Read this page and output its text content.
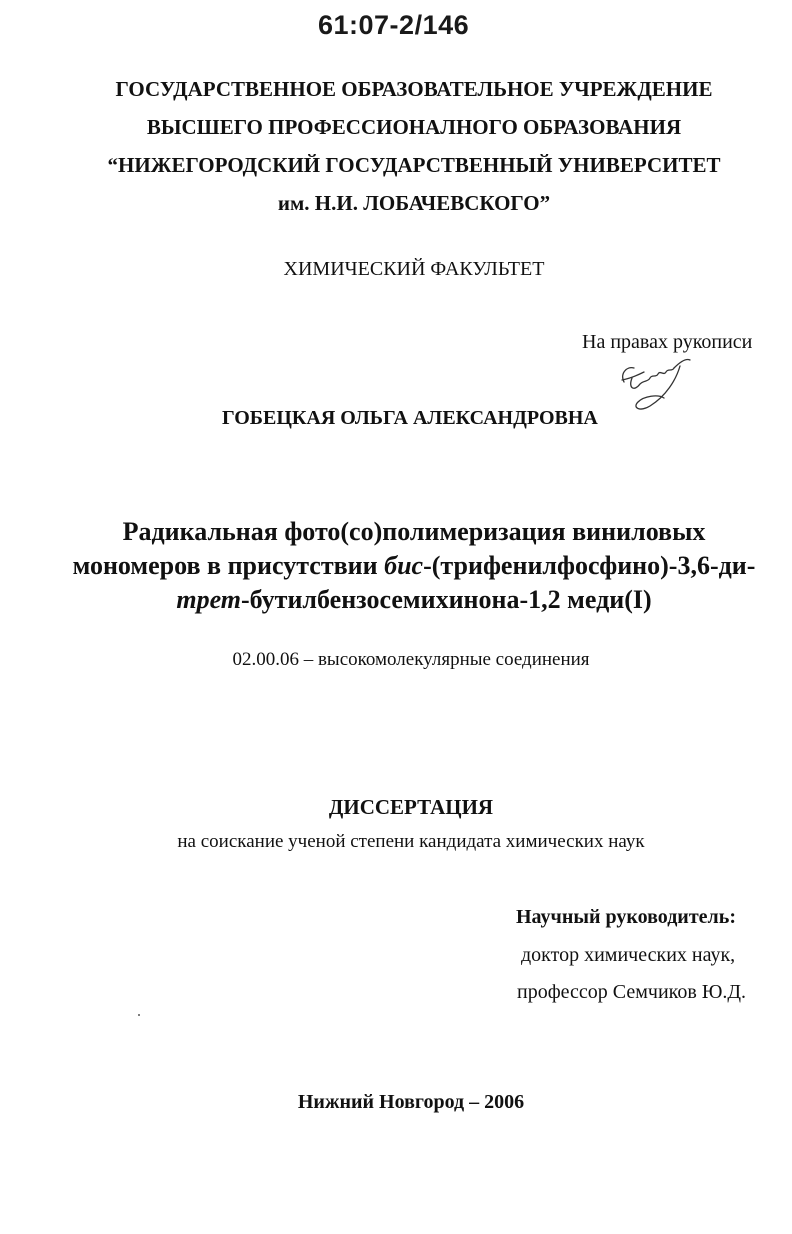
61:07-2/146
ГОСУДАРСТВЕННОЕ ОБРАЗОВАТЕЛЬНОЕ УЧРЕЖДЕНИЕ
ВЫСШЕГО ПРОФЕССИОНАЛНОГО ОБРАЗОВАНИЯ
“НИЖЕГОРОДСКИЙ ГОСУДАРСТВЕННЫЙ УНИВЕРСИТЕТ
им. Н.И. ЛОБАЧЕВСКОГО”
ХИМИЧЕСКИЙ ФАКУЛЬТЕТ
На правах рукописи
ГОБЕЦКАЯ ОЛЬГА АЛЕКСАНДРОВНА
Радикальная фото(со)полимеризация виниловых
мономеров в присутствии бис-(трифенилфосфино)-3,6-ди-
трет-бутилбензосемихинона-1,2 меди(I)
02.00.06 – высокомолекулярные соединения
ДИССЕРТАЦИЯ
на соискание ученой степени кандидата химических наук
Научный руководитель:
доктор химических наук,
профессор Семчиков Ю.Д.
Нижний Новгород – 2006
